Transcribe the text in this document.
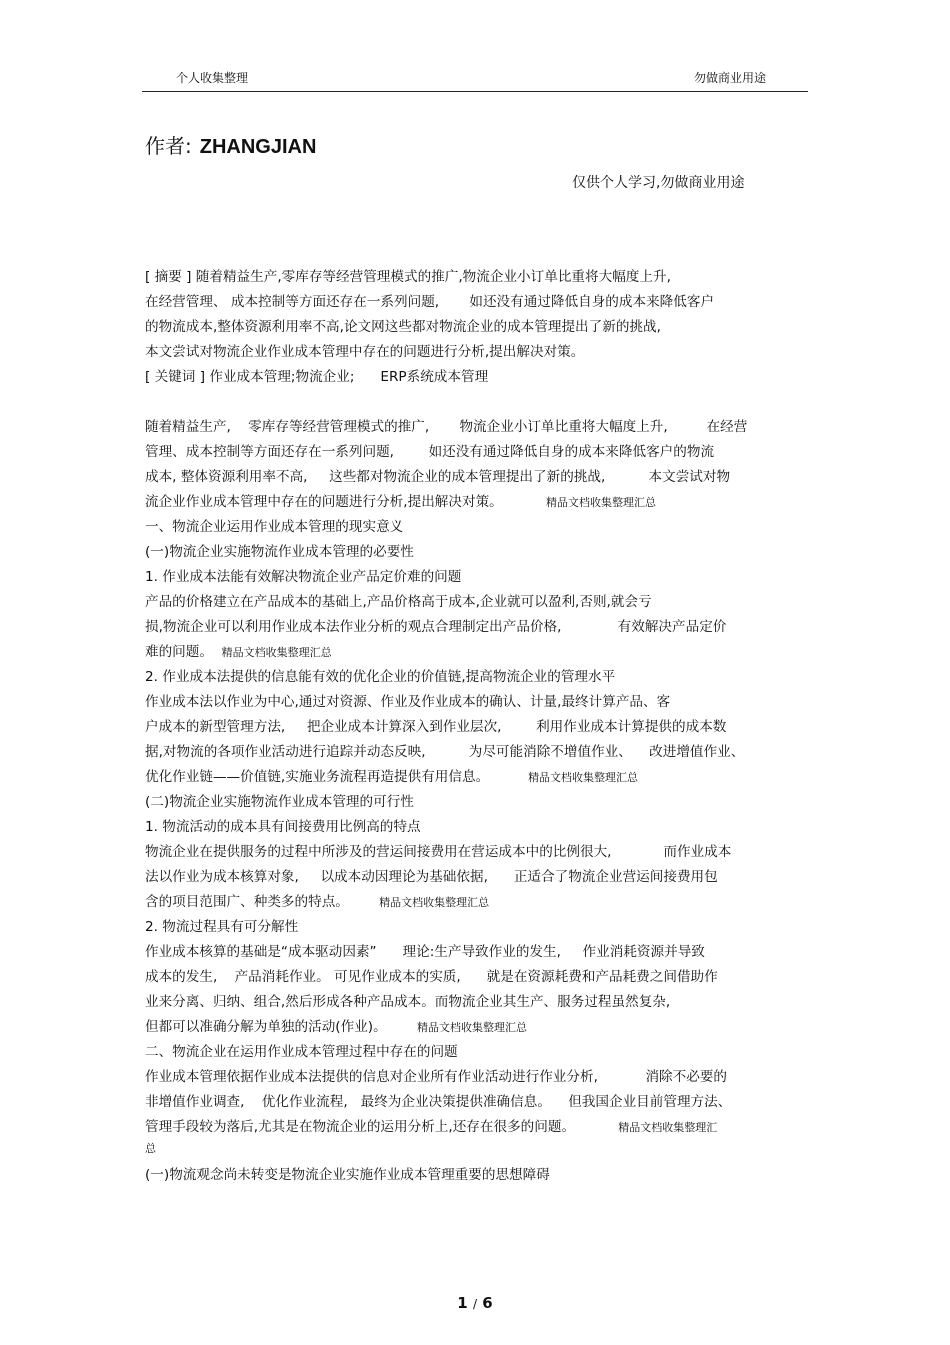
个人收集整理	勿做商业用途
作者: ZHANGJIAN
仅供个人学习,勿做商业用途
[ 摘要 ] 随着精益生产,零库存等经营管理模式的推广,物流企业小订单比重将大幅度上升,
在经营管理、 成本控制等方面还存在一系列问题,       如还没有通过降低自身的成本来降低客户
的物流成本,整体资源利用率不高,论文网这些都对物流企业的成本管理提出了新的挑战,
本文尝试对物流企业作业成本管理中存在的问题进行分析,提出解决对策。
[ 关键词 ] 作业成本管理;物流企业;      ERP系统成本管理
随着精益生产,    零库存等经营管理模式的推广,       物流企业小订单比重将大幅度上升,         在经营
管理、成本控制等方面还存在一系列问题,        如还没有通过降低自身的成本来降低客户的物流
成本, 整体资源利用率不高,     这些都对物流企业的成本管理提出了新的挑战,          本文尝试对物
流企业作业成本管理中存在的问题进行分析,提出解决对策。	精品文档收集整理汇总
一、物流企业运用作业成本管理的现实意义
(一)物流企业实施物流作业成本管理的必要性
1. 作业成本法能有效解决物流企业产品定价难的问题
产品的价格建立在产品成本的基础上,产品价格高于成本,企业就可以盈利,否则,就会亏
损,物流企业可以利用作业成本法作业分析的观点合理制定出产品价格,             有效解决产品定价
难的问题。 精品文档收集整理汇总
2. 作业成本法提供的信息能有效的优化企业的价值链,提高物流企业的管理水平
作业成本法以作业为中心,通过对资源、作业及作业成本的确认、计量,最终计算产品、客
户成本的新型管理方法,     把企业成本计算深入到作业层次,        利用作业成本计算提供的成本数
据,对物流的各项作业活动进行追踪并动态反映,          为尽可能消除不增值作业、    改进增值作业、
优化作业链——价值链,实施业务流程再造提供有用信息。	精品文档收集整理汇总
(二)物流企业实施物流作业成本管理的可行性
1. 物流活动的成本具有间接费用比例高的特点
物流企业在提供服务的过程中所涉及的营运间接费用在营运成本中的比例很大,            而作业成本
法以作业为成本核算对象,     以成本动因理论为基础依据,      正适合了物流企业营运间接费用包
含的项目范围广、种类多的特点。	精品文档收集整理汇总
2. 物流过程具有可分解性
作业成本核算的基础是“成本驱动因素”      理论:生产导致作业的发生,     作业消耗资源并导致
成本的发生,    产品消耗作业。 可见作业成本的实质,      就是在资源耗费和产品耗费之间借助作
业来分离、归纳、组合,然后形成各种产品成本。而物流企业其生产、服务过程虽然复杂,
但都可以准确分解为单独的活动(作业)。	精品文档收集整理汇总
二、物流企业在运用作业成本管理过程中存在的问题
作业成本管理依据作业成本法提供的信息对企业所有作业活动进行作业分析,           消除不必要的
非增值作业调查,    优化作业流程,   最终为企业决策提供准确信息。    但我国企业目前管理方法、
管理手段较为落后,尤其是在物流企业的运用分析上,还存在很多的问题。	精品文档收集整理汇
总
(一)物流观念尚未转变是物流企业实施作业成本管理重要的思想障碍
1 / 6
